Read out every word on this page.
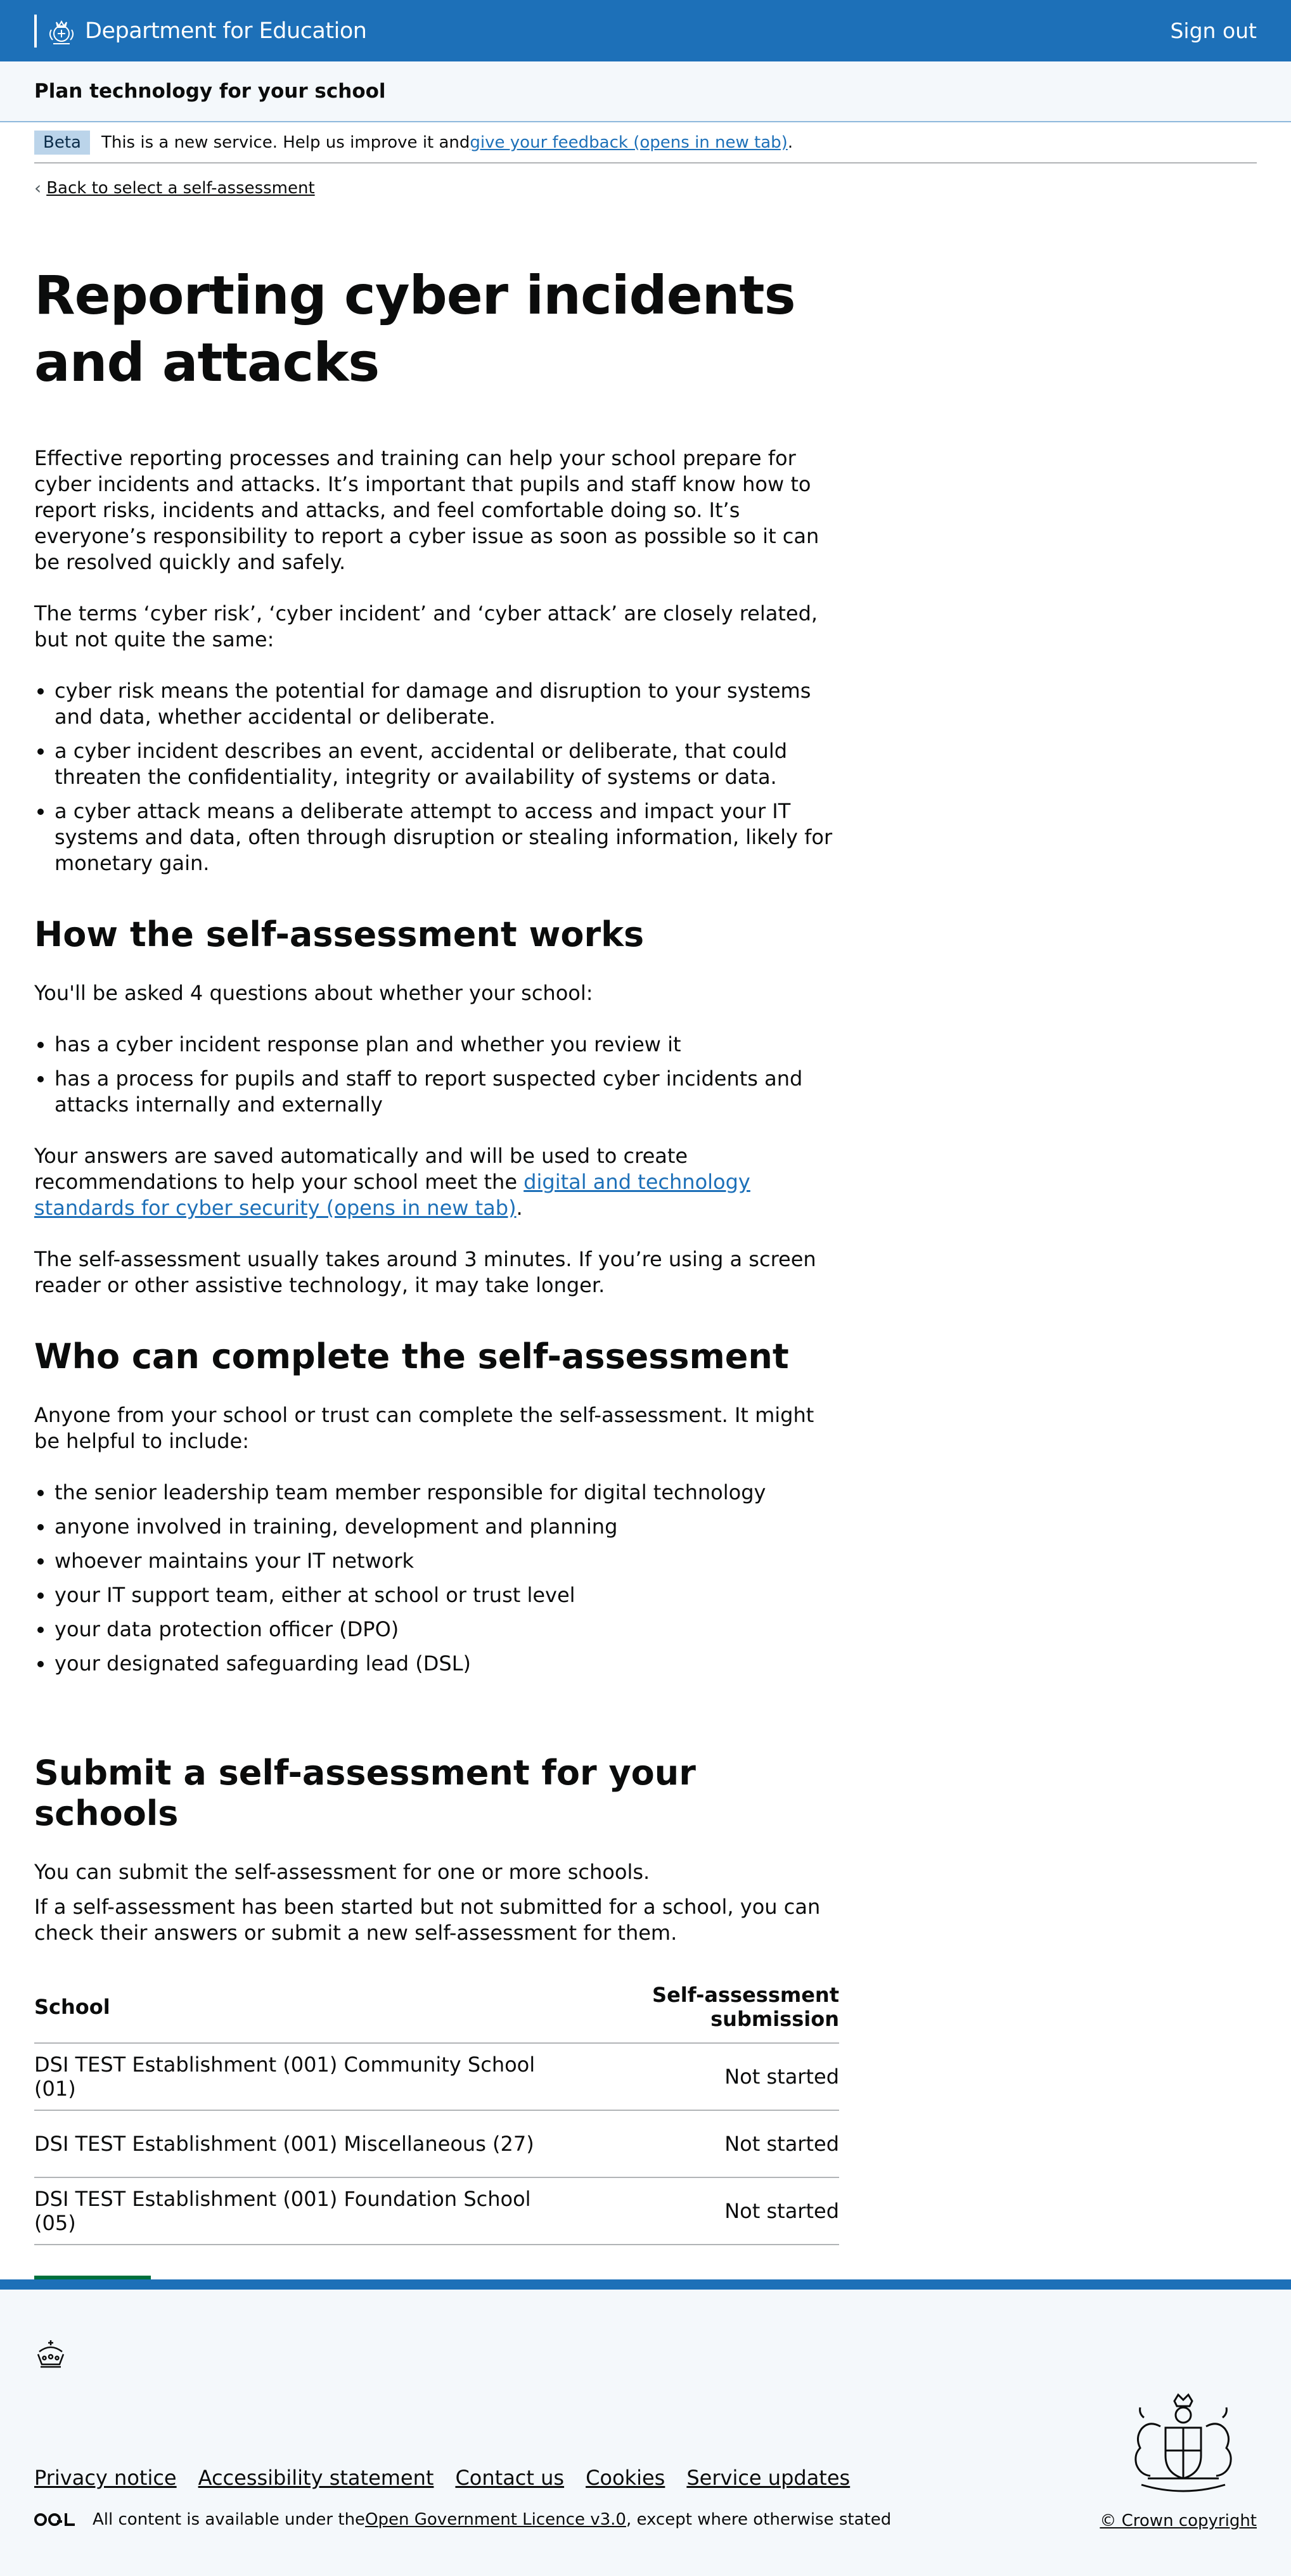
Department for Education	Sign out
Plan technology for your school
Beta	This is a new service. Help us improve it and give your feedback (opens in new tab) .
‹ Back to select a self-assessment
Reporting cyber incidents and attacks

Effective reporting processes and training can help your school prepare for cyber incidents and attacks. It’s important that pupils and staff know how to report risks, incidents and attacks, and feel comfortable doing so. It’s everyone’s responsibility to report a cyber issue as soon as possible so it can be resolved quickly and safely.

The terms ‘cyber risk’, ‘cyber incident’ and ‘cyber attack’ are closely related, but not quite the same:

• cyber risk means the potential for damage and disruption to your systems and data, whether accidental or deliberate.
• a cyber incident describes an event, accidental or deliberate, that could threaten the confidentiality, integrity or availability of systems or data.
• a cyber attack means a deliberate attempt to access and impact your IT systems and data, often through disruption or stealing information, likely for monetary gain.
How the self-assessment works

You'll be asked 4 questions about whether your school:

• has a cyber incident response plan and whether you review it
• has a process for pupils and staff to report suspected cyber incidents and attacks internally and externally

Your answers are saved automatically and will be used to create recommendations to help your school meet the digital and technology standards for cyber security (opens in new tab).

The self-assessment usually takes around 3 minutes. If you’re using a screen reader or other assistive technology, it may take longer.

Who can complete the self-assessment

Anyone from your school or trust can complete the self-assessment. It might be helpful to include:

• the senior leadership team member responsible for digital technology
• anyone involved in training, development and planning
• whoever maintains your IT network
• your IT support team, either at school or trust level
• your data protection officer (DPO)
• your designated safeguarding lead (DSL)
Submit a self-assessment for your schools

You can submit the self-assessment for one or more schools.

If a self-assessment has been started but not submitted for a school, you can check their answers or submit a new self-assessment for them.

School	Self-assessment submission
DSI TEST Establishment (001) Community School (01)	Not started
DSI TEST Establishment (001) Miscellaneous (27)	Not started
DSI TEST Establishment (001) Foundation School (05)	Not started
Privacy notice Accessibility statement Contact us Cookies Service updates
All content is available under the Open Government Licence v3.0 , except where otherwise stated	© Crown copyright
